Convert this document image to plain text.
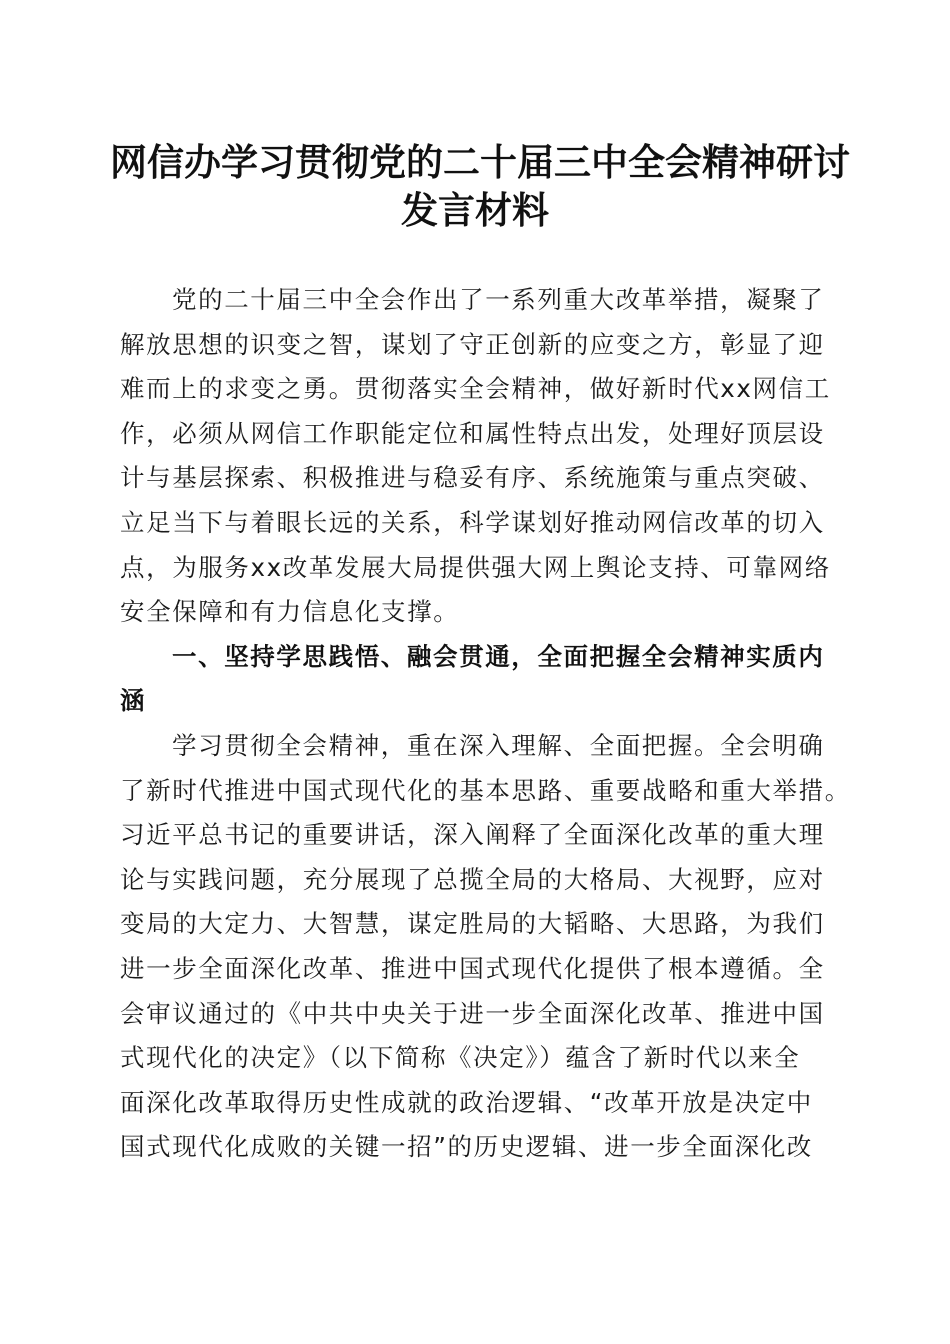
网信办学习贯彻党的二十届三中全会精神研讨
发言材料
党的二十届三中全会作出了一系列重大改革举措，凝聚了
解放思想的识变之智，谋划了守正创新的应变之方，彰显了迎
难而上的求变之勇。贯彻落实全会精神，做好新时代xx网信工
作，必须从网信工作职能定位和属性特点出发，处理好顶层设
计与基层探索、积极推进与稳妥有序、系统施策与重点突破、
立足当下与着眼长远的关系，科学谋划好推动网信改革的切入
点，为服务xx改革发展大局提供强大网上舆论支持、可靠网络
安全保障和有力信息化支撑。
一、坚持学思践悟、融会贯通，全面把握全会精神实质内
涵
学习贯彻全会精神，重在深入理解、全面把握。全会明确
了新时代推进中国式现代化的基本思路、重要战略和重大举措。
习近平总书记的重要讲话，深入阐释了全面深化改革的重大理
论与实践问题，充分展现了总揽全局的大格局、大视野，应对
变局的大定力、大智慧，谋定胜局的大韬略、大思路，为我们
进一步全面深化改革、推进中国式现代化提供了根本遵循。全
会审议通过的《中共中央关于进一步全面深化改革、推进中国
式现代化的决定》（以下简称《决定》）蕴含了新时代以来全
面深化改革取得历史性成就的政治逻辑、“改革开放是决定中
国式现代化成败的关键一招”的历史逻辑、进一步全面深化改
